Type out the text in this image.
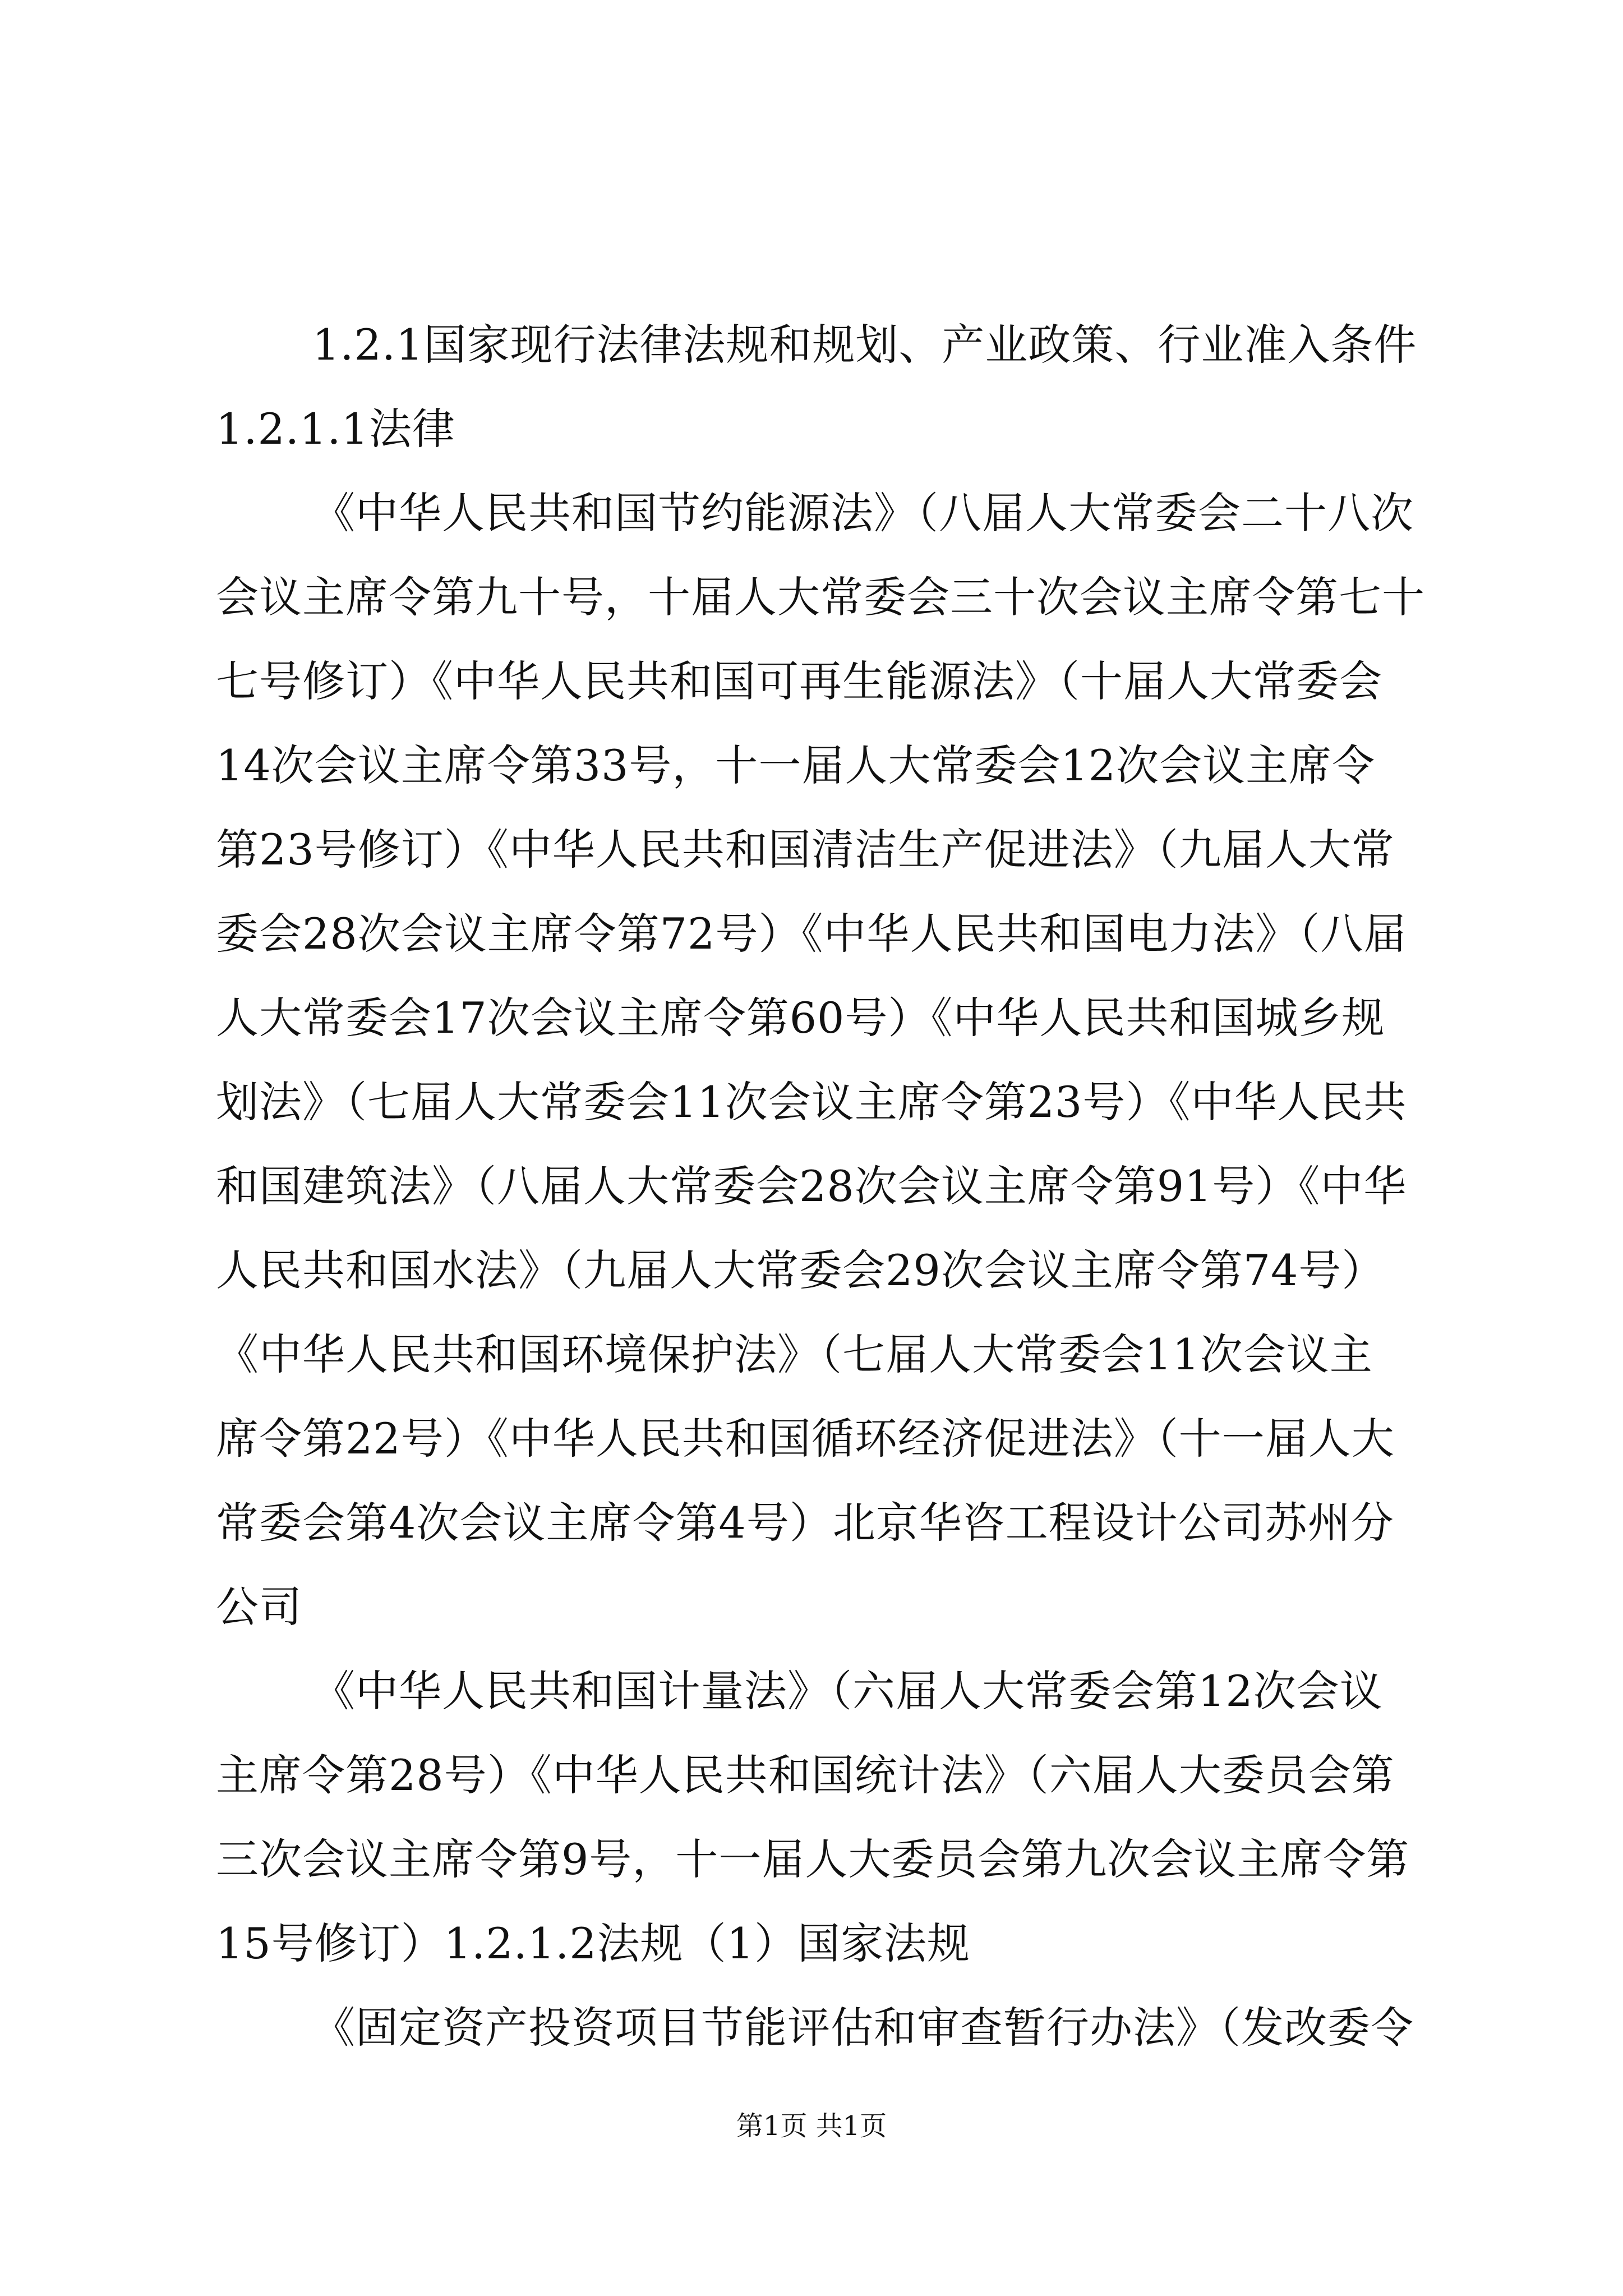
1.2.1国家现行法律法规和规划、产业政策、行业准入条件
1.2.1.1法律
《中华人民共和国节约能源法》（八届人大常委会二十八次
会议主席令第九十号，十届人大常委会三十次会议主席令第七十
七号修订）《中华人民共和国可再生能源法》（十届人大常委会
14次会议主席令第33号，十一届人大常委会12次会议主席令
第23号修订）《中华人民共和国清洁生产促进法》（九届人大常
委会28次会议主席令第72号）《中华人民共和国电力法》（八届
人大常委会17次会议主席令第60号）《中华人民共和国城乡规
划法》（七届人大常委会11次会议主席令第23号）《中华人民共
和国建筑法》（八届人大常委会28次会议主席令第91号）《中华
人民共和国水法》（九届人大常委会29次会议主席令第74号）
《中华人民共和国环境保护法》（七届人大常委会11次会议主
席令第22号）《中华人民共和国循环经济促进法》（十一届人大
常委会第4次会议主席令第4号）北京华咨工程设计公司苏州分
公司
《中华人民共和国计量法》（六届人大常委会第12次会议
主席令第28号）《中华人民共和国统计法》（六届人大委员会第
三次会议主席令第9号，十一届人大委员会第九次会议主席令第
15号修订）1.2.1.2法规（1）国家法规
《固定资产投资项目节能评估和审查暂行办法》（发改委令
第1页 共1页
